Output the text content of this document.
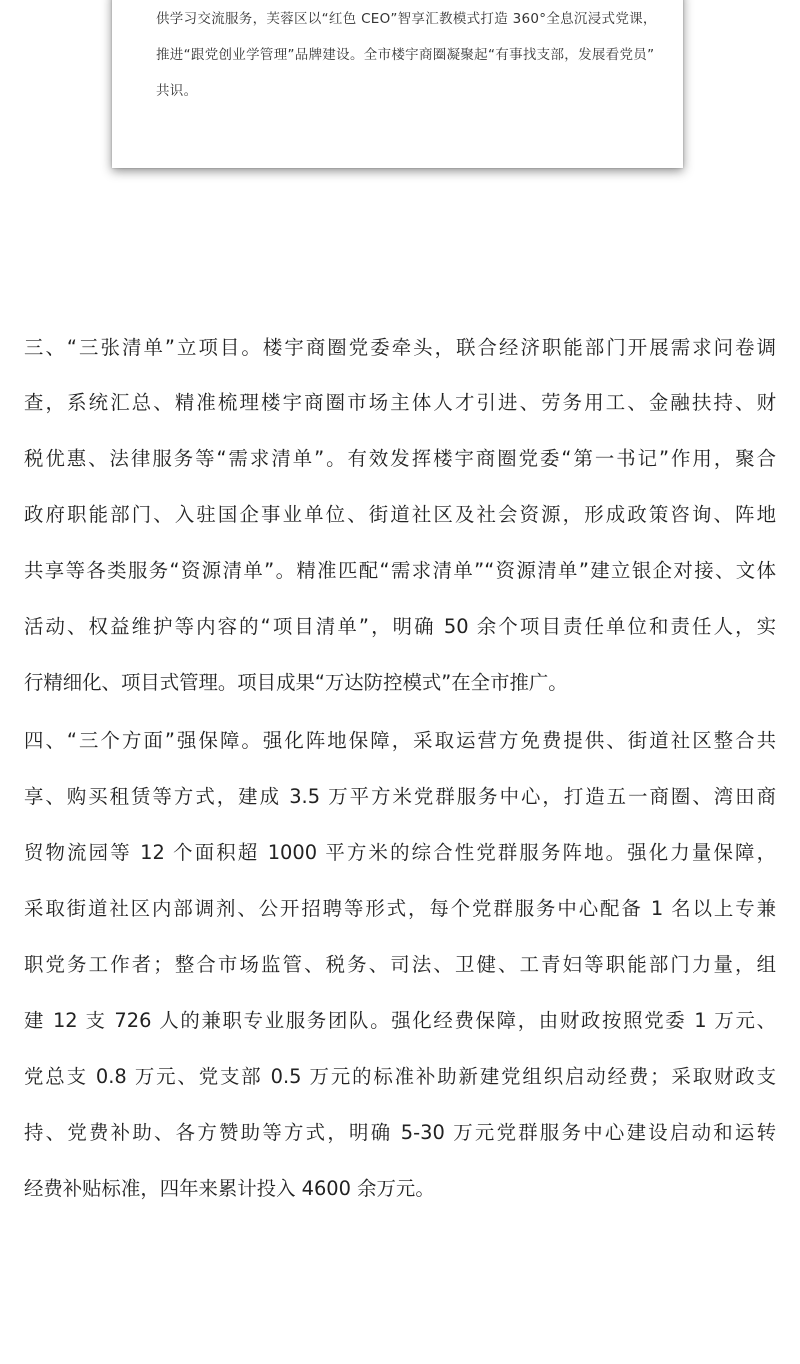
供学习交流服务，芙蓉区以“红色 CEO”智享汇教模式打造 360°全息沉浸式党课，
推进“跟党创业学管理”品牌建设。全市楼宇商圈凝聚起“有事找支部，发展看党员”
共识。
三、“三张清单”立项目。楼宇商圈党委牵头，联合经济职能部门开展需求问卷调
查，系统汇总、精准梳理楼宇商圈市场主体人才引进、劳务用工、金融扶持、财
税优惠、法律服务等“需求清单”。有效发挥楼宇商圈党委“第一书记”作用，聚合
政府职能部门、入驻国企事业单位、街道社区及社会资源，形成政策咨询、阵地
共享等各类服务“资源清单”。精准匹配“需求清单”“资源清单”建立银企对接、文体
活动、权益维护等内容的“项目清单”，明确 50 余个项目责任单位和责任人，实
行精细化、项目式管理。项目成果“万达防控模式”在全市推广。
四、“三个方面”强保障。强化阵地保障，采取运营方免费提供、街道社区整合共
享、购买租赁等方式，建成 3.5 万平方米党群服务中心，打造五一商圈、湾田商
贸物流园等 12 个面积超 1000 平方米的综合性党群服务阵地。强化力量保障，
采取街道社区内部调剂、公开招聘等形式，每个党群服务中心配备 1 名以上专兼
职党务工作者；整合市场监管、税务、司法、卫健、工青妇等职能部门力量，组
建 12 支 726 人的兼职专业服务团队。强化经费保障，由财政按照党委 1 万元、
党总支 0.8 万元、党支部 0.5 万元的标准补助新建党组织启动经费；采取财政支
持、党费补助、各方赞助等方式，明确 5-30 万元党群服务中心建设启动和运转
经费补贴标准，四年来累计投入 4600 余万元。
